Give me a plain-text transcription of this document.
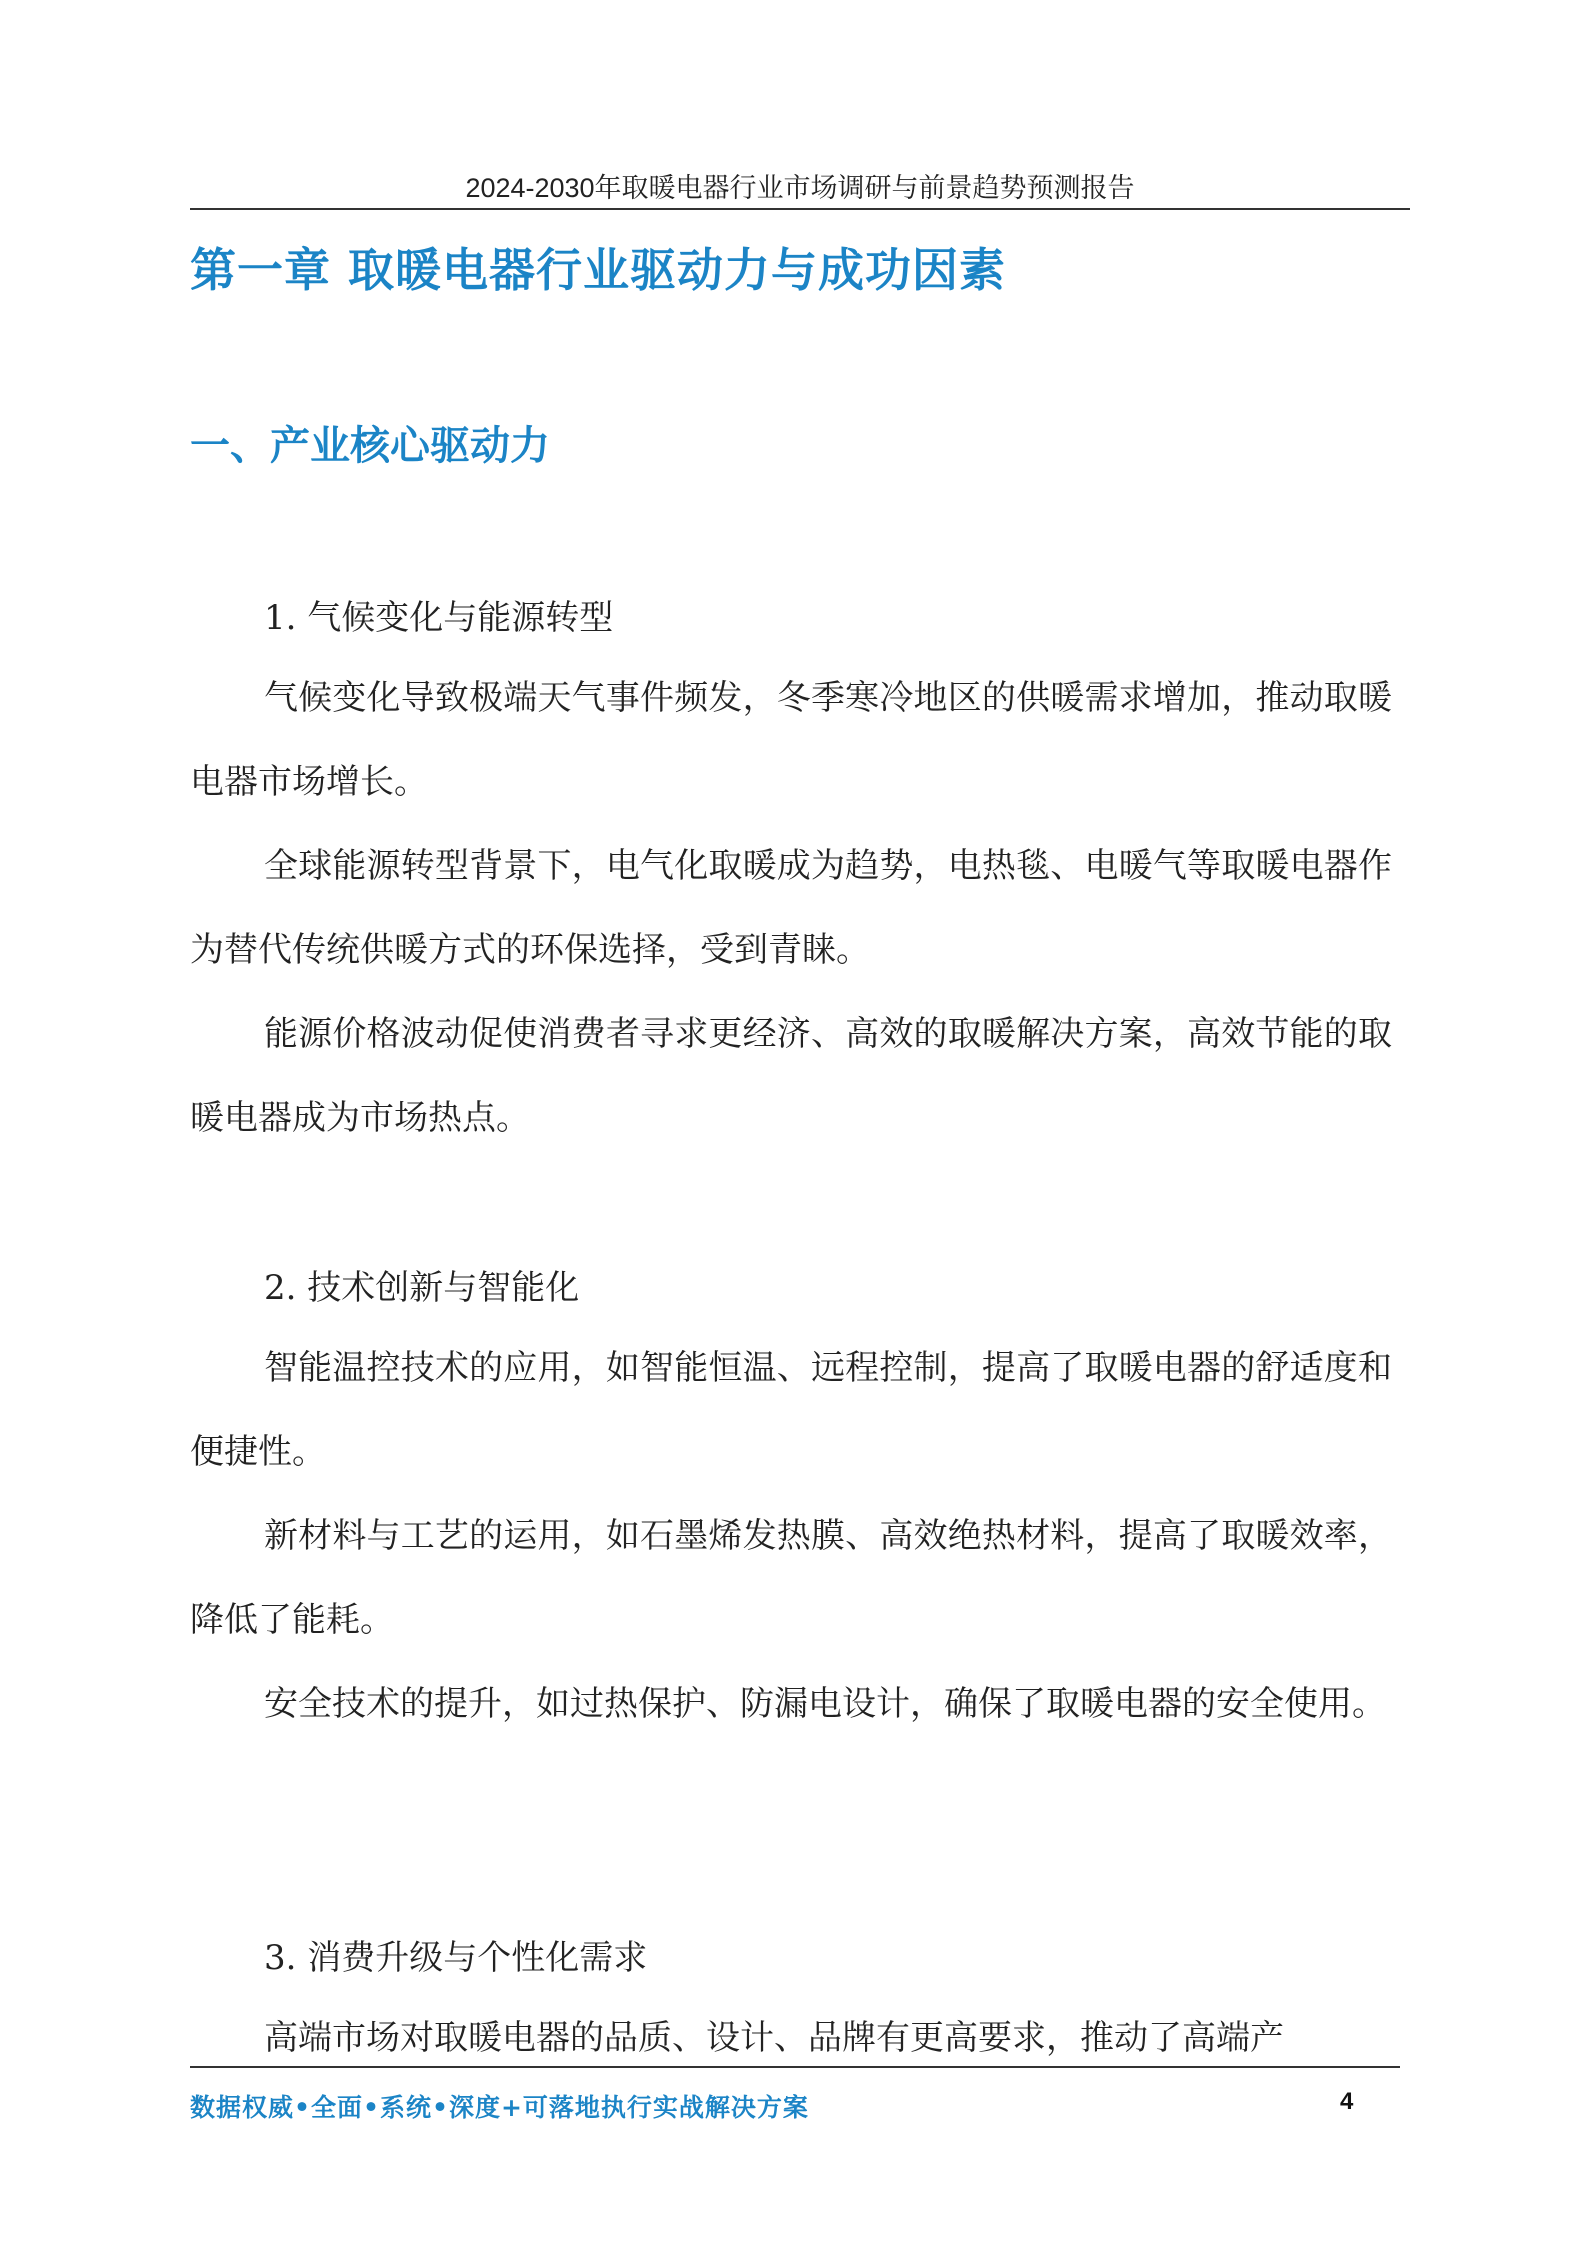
2024-2030年取暖电器行业市场调研与前景趋势预测报告
第一章 取暖电器行业驱动力与成功因素
一、产业核心驱动力
1. 气候变化与能源转型
气候变化导致极端天气事件频发，冬季寒冷地区的供暖需求增加，推动取暖电器市场增长。
全球能源转型背景下，电气化取暖成为趋势，电热毯、电暖气等取暖电器作为替代传统供暖方式的环保选择，受到青睐。
能源价格波动促使消费者寻求更经济、高效的取暖解决方案，高效节能的取暖电器成为市场热点。
2. 技术创新与智能化
智能温控技术的应用，如智能恒温、远程控制，提高了取暖电器的舒适度和便捷性。
新材料与工艺的运用，如石墨烯发热膜、高效绝热材料，提高了取暖效率，降低了能耗。
安全技术的提升，如过热保护、防漏电设计，确保了取暖电器的安全使用。
3. 消费升级与个性化需求
高端市场对取暖电器的品质、设计、品牌有更高要求，推动了高端产
数据权威•全面•系统•深度+可落地执行实战解决方案	4
